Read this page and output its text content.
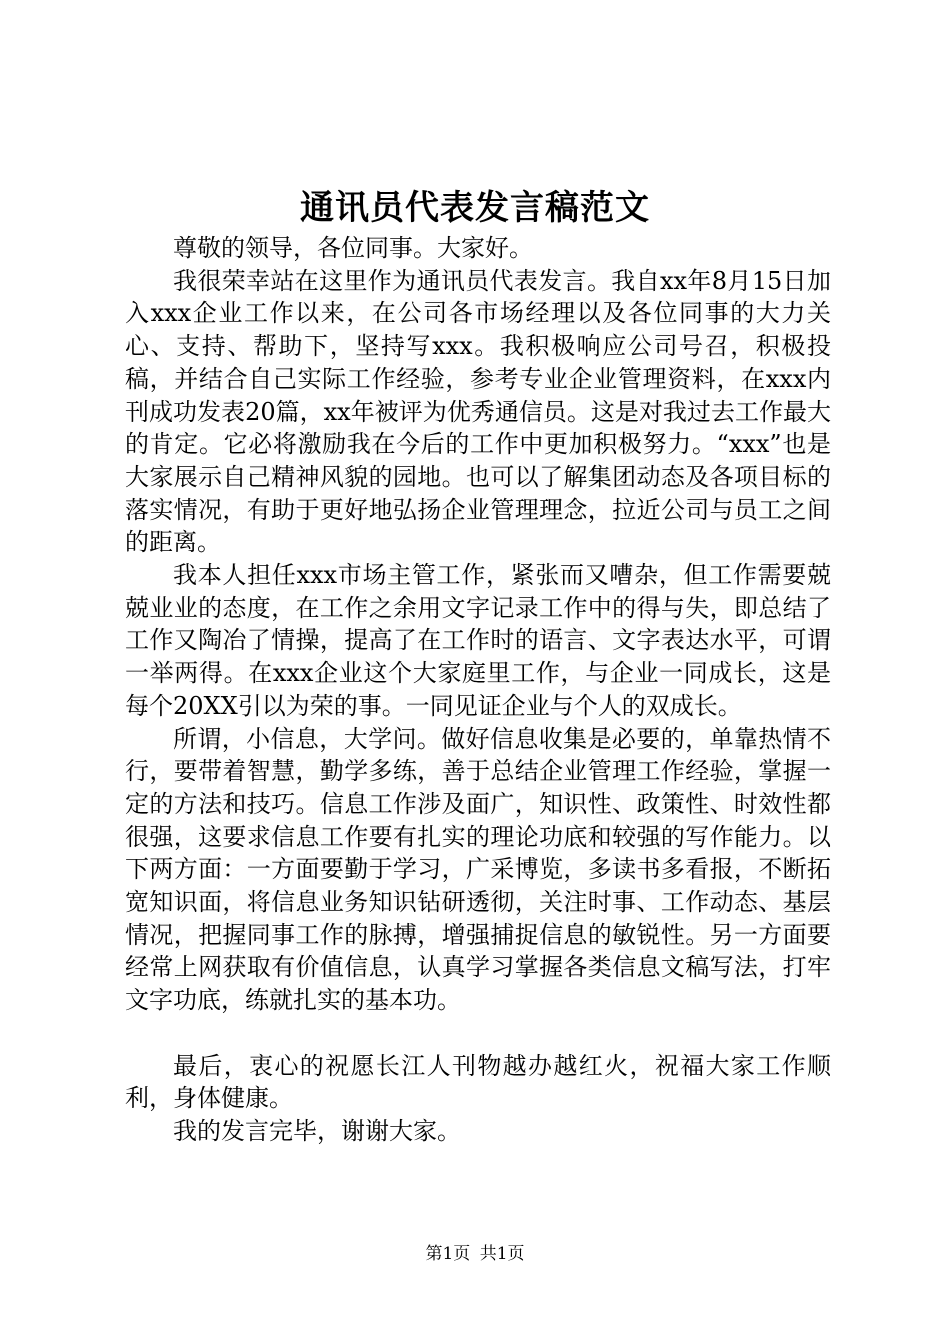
通讯员代表发言稿范文

尊敬的领导，各位同事。大家好。

我很荣幸站在这里作为通讯员代表发言。我自xx年8月15日加入xxx企业工作以来，在公司各市场经理以及各位同事的大力关心、支持、帮助下，坚持写xxx。我积极响应公司号召，积极投稿，并结合自己实际工作经验，参考专业企业管理资料，在xxx内刊成功发表20篇，xx年被评为优秀通信员。这是对我过去工作最大的肯定。它必将激励我在今后的工作中更加积极努力。“xxx”也是大家展示自己精神风貌的园地。也可以了解集团动态及各项目标的落实情况，有助于更好地弘扬企业管理理念，拉近公司与员工之间的距离。

我本人担任xxx市场主管工作，紧张而又嘈杂，但工作需要兢兢业业的态度，在工作之余用文字记录工作中的得与失，即总结了工作又陶冶了情操，提高了在工作时的语言、文字表达水平，可谓一举两得。在xxx企业这个大家庭里工作，与企业一同成长，这是每个20XX引以为荣的事。一同见证企业与个人的双成长。

所谓，小信息，大学问。做好信息收集是必要的，单靠热情不行，要带着智慧，勤学多练，善于总结企业管理工作经验，掌握一定的方法和技巧。信息工作涉及面广，知识性、政策性、时效性都很强，这要求信息工作要有扎实的理论功底和较强的写作能力。以下两方面：一方面要勤于学习，广采博览，多读书多看报，不断拓宽知识面，将信息业务知识钻研透彻，关注时事、工作动态、基层情况，把握同事工作的脉搏，增强捕捉信息的敏锐性。另一方面要经常上网获取有价值信息，认真学习掌握各类信息文稿写法，打牢文字功底，练就扎实的基本功。

最后，衷心的祝愿长江人刊物越办越红火，祝福大家工作顺利，身体健康。

我的发言完毕，谢谢大家。

第1页 共1页
